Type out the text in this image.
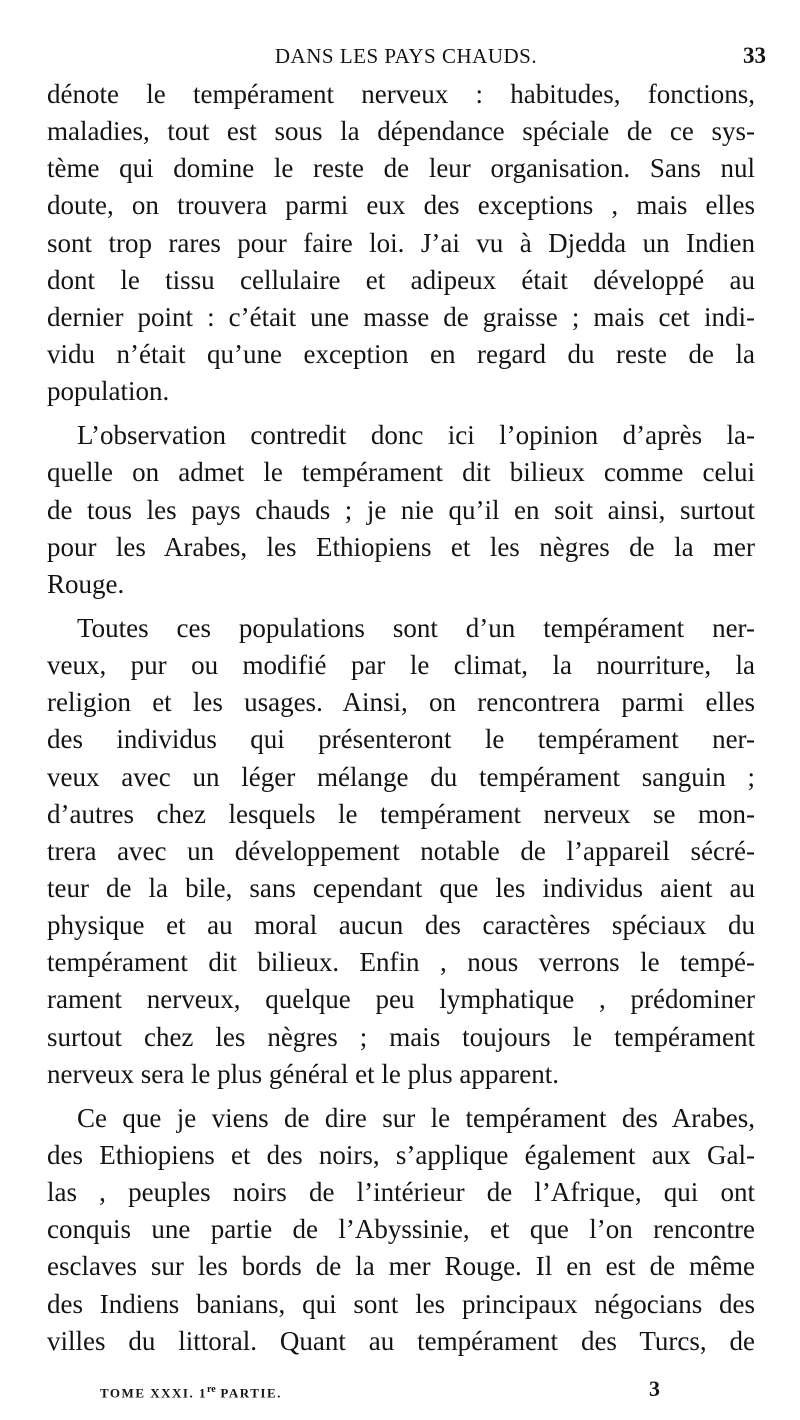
DANS LES PAYS CHAUDS.	33
dénote le tempérament nerveux : habitudes, fonctions,
maladies, tout est sous la dépendance spéciale de ce sys-
tème qui domine le reste de leur organisation. Sans nul
doute, on trouvera parmi eux des exceptions , mais elles
sont trop rares pour faire loi. J’ai vu à Djedda un Indien
dont le tissu cellulaire et adipeux était développé au
dernier point : c’était une masse de graisse ; mais cet indi-
vidu n’était qu’une exception en regard du reste de la
population.
L’observation contredit donc ici l’opinion d’après la-
quelle on admet le tempérament dit bilieux comme celui
de tous les pays chauds ; je nie qu’il en soit ainsi, surtout
pour les Arabes, les Ethiopiens et les nègres de la mer
Rouge.
Toutes ces populations sont d’un tempérament ner-
veux, pur ou modifié par le climat, la nourriture, la
religion et les usages. Ainsi, on rencontrera parmi elles
des individus qui présenteront le tempérament ner-
veux avec un léger mélange du tempérament sanguin ;
d’autres chez lesquels le tempérament nerveux se mon-
trera avec un développement notable de l’appareil sécré-
teur de la bile, sans cependant que les individus aient au
physique et au moral aucun des caractères spéciaux du
tempérament dit bilieux. Enfin , nous verrons le tempé-
rament nerveux, quelque peu lymphatique , prédominer
surtout chez les nègres ; mais toujours le tempérament
nerveux sera le plus général et le plus apparent.
Ce que je viens de dire sur le tempérament des Arabes,
des Ethiopiens et des noirs, s’applique également aux Gal-
las , peuples noirs de l’intérieur de l’Afrique, qui ont
conquis une partie de l’Abyssinie, et que l’on rencontre
esclaves sur les bords de la mer Rouge. Il en est de même
des Indiens banians, qui sont les principaux négocians des
villes du littoral. Quant au tempérament des Turcs, de
TOME XXXI. 1re PARTIE.	3
